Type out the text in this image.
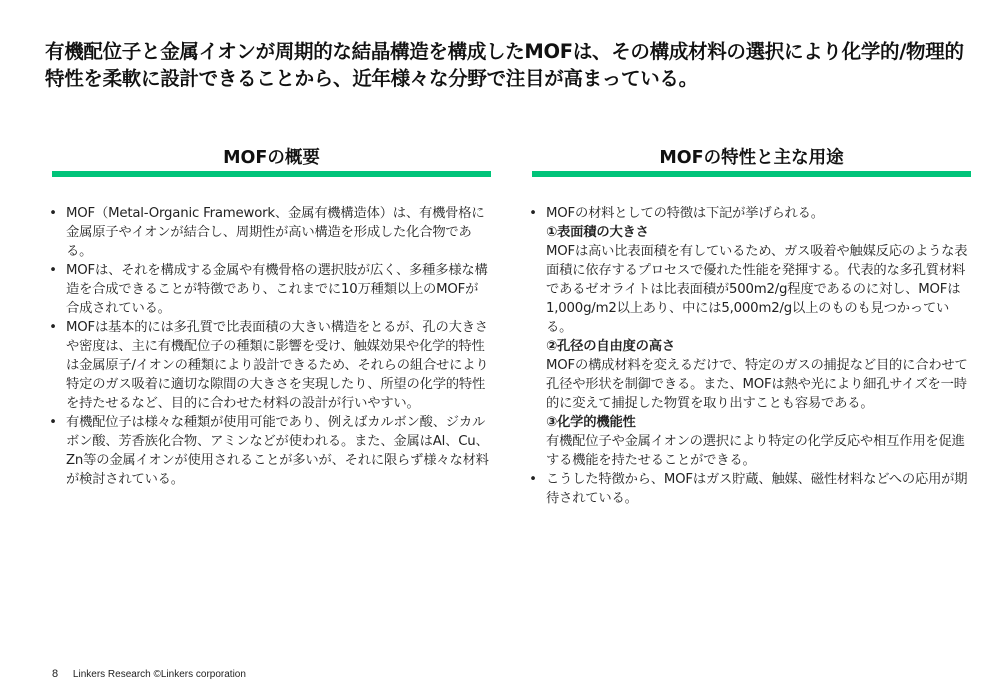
有機配位子と金属イオンが周期的な結晶構造を構成したMOFは、その構成材料の選択により化学的/物理的特性を柔軟に設計できることから、近年様々な分野で注目が高まっている。
MOFの概要	MOFの特性と主な用途
• MOF（Metal-Organic Framework、金属有機構造体）は、有機骨格に金属原子やイオンが結合し、周期性が高い構造を形成した化合物である。
• MOFは、それを構成する金属や有機骨格の選択肢が広く、多種多様な構造を合成できることが特徴であり、これまでに10万種類以上のMOFが合成されている。
• MOFは基本的には多孔質で比表面積の大きい構造をとるが、孔の大きさや密度は、主に有機配位子の種類に影響を受け、触媒効果や化学的特性は金属原子/イオンの種類により設計できるため、それらの組合せにより特定のガス吸着に適切な隙間の大きさを実現したり、所望の化学的特性を持たせるなど、目的に合わせた材料の設計が行いやすい。
• 有機配位子は様々な種類が使用可能であり、例えばカルボン酸、ジカルボン酸、芳香族化合物、アミンなどが使われる。また、金属はAl、Cu、Zn等の金属イオンが使用されることが多いが、それに限らず様々な材料が検討されている。
• MOFの材料としての特徴は下記が挙げられる。
①表面積の大きさ
MOFは高い比表面積を有しているため、ガス吸着や触媒反応のような表面積に依存するプロセスで優れた性能を発揮する。代表的な多孔質材料であるゼオライトは比表面積が500m2/g程度であるのに対し、MOFは1,000g/m2以上あり、中には5,000m2/g以上のものも見つかっている。
②孔径の自由度の高さ
MOFの構成材料を変えるだけで、特定のガスの捕捉など目的に合わせて孔径や形状を制御できる。また、MOFは熱や光により細孔サイズを一時的に変えて捕捉した物質を取り出すことも容易である。
③化学的機能性
有機配位子や金属イオンの選択により特定の化学反応や相互作用を促進する機能を持たせることができる。
• こうした特徴から、MOFはガス貯蔵、触媒、磁性材料などへの応用が期待されている。
8 Linkers Research ©Linkers corporation
